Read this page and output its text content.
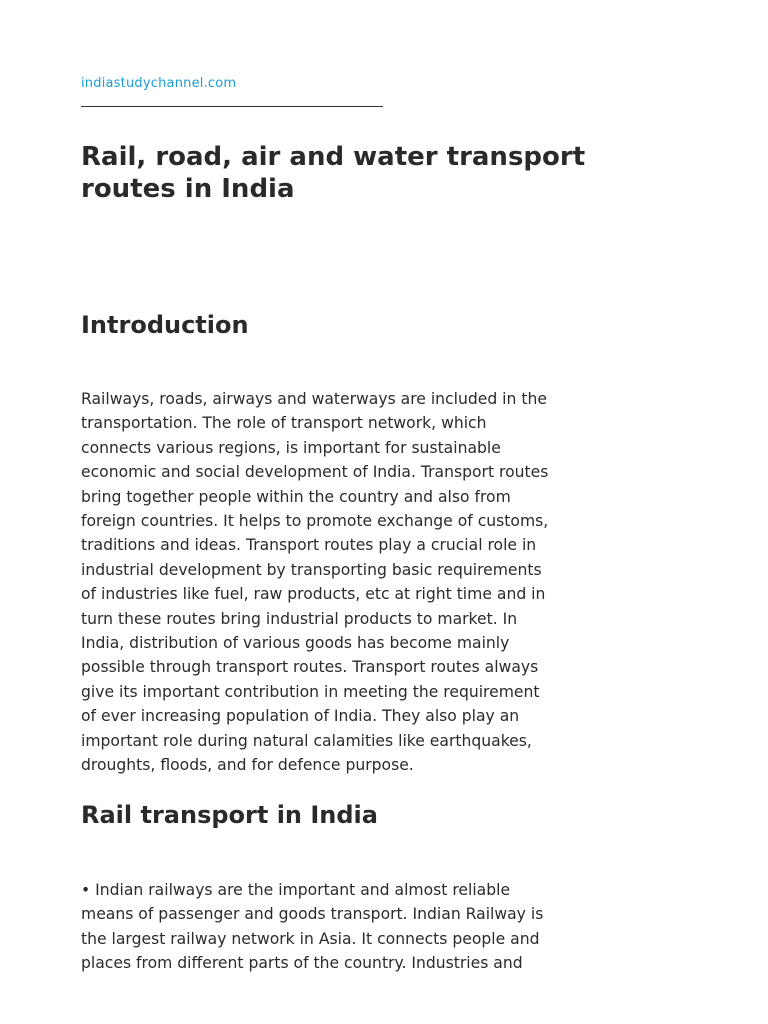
indiastudychannel.com
Rail, road, air and water transport
routes in India
Introduction

Railways, roads, airways and waterways are included in the
transportation. The role of transport network, which
connects various regions, is important for sustainable
economic and social development of India. Transport routes
bring together people within the country and also from
foreign countries. It helps to promote exchange of customs,
traditions and ideas. Transport routes play a crucial role in
industrial development by transporting basic requirements
of industries like fuel, raw products, etc at right time and in
turn these routes bring industrial products to market. In
India, distribution of various goods has become mainly
possible through transport routes. Transport routes always
give its important contribution in meeting the requirement
of ever increasing population of India. They also play an
important role during natural calamities like earthquakes,
droughts, floods, and for defence purpose.

Rail transport in India

• Indian railways are the important and almost reliable
means of passenger and goods transport. Indian Railway is
the largest railway network in Asia. It connects people and
places from different parts of the country. Industries and
